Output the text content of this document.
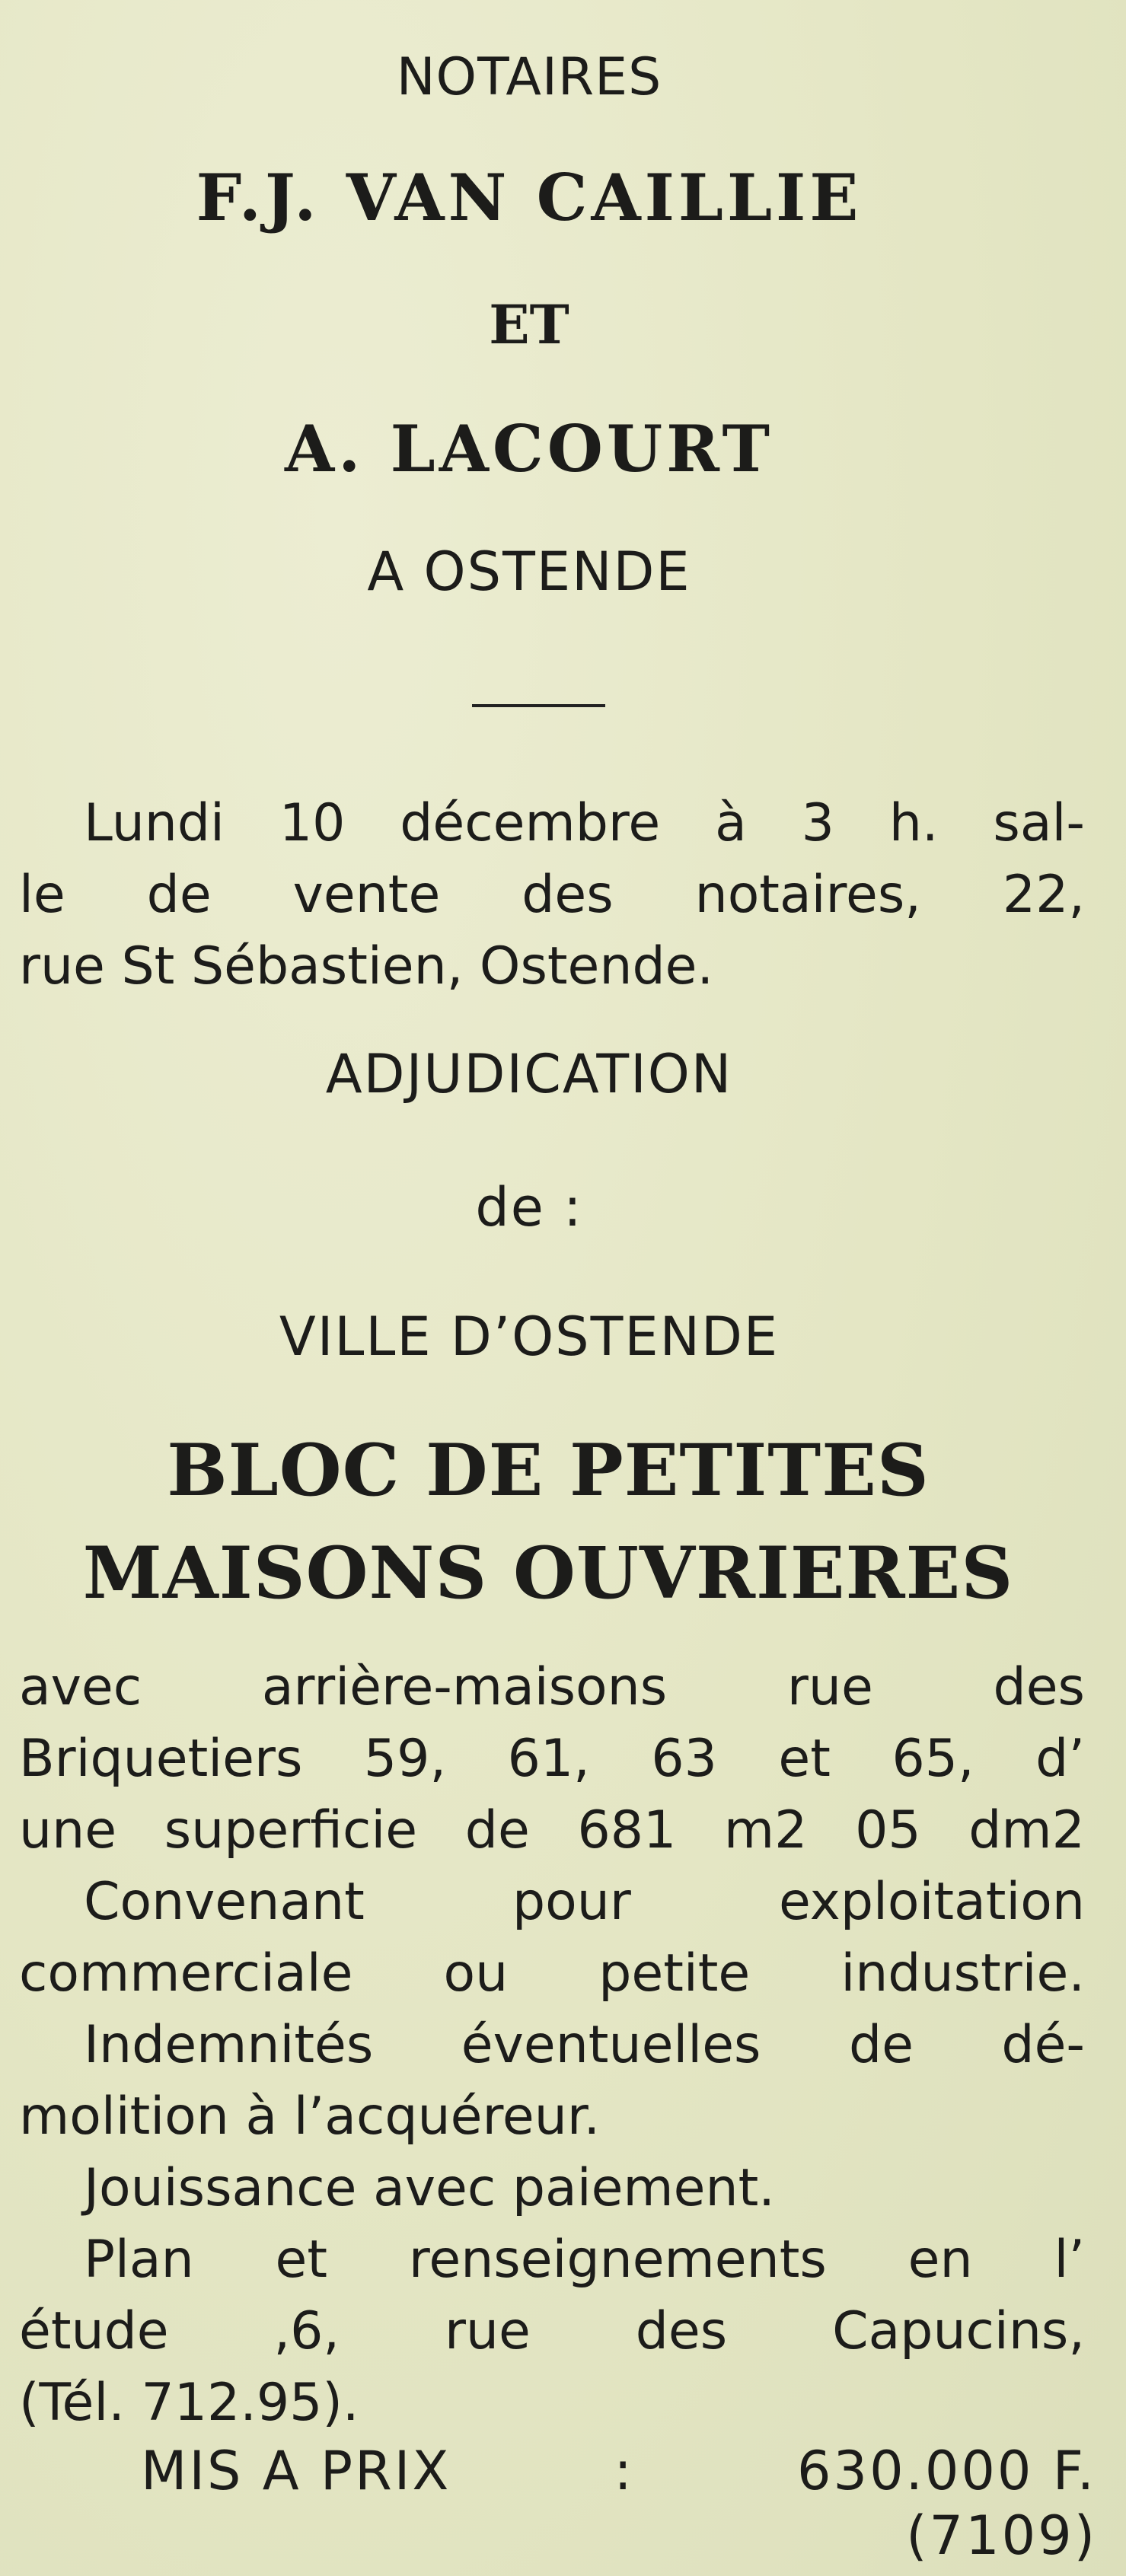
NOTAIRES
F.J. VAN CAILLIE
ET
A. LACOURT
A OSTENDE
Lundi 10 décembre à 3 h. sal-
le de vente des notaires, 22,
rue St Sébastien, Ostende.
ADJUDICATION
de :
VILLE D’OSTENDE
BLOC DE PETITES
MAISONS OUVRIERES
avec arrière-maisons rue des
Briquetiers 59, 61, 63 et 65, d’
une superficie de 681 m2 05 dm2
Convenant	pour	exploitation
commerciale ou petite industrie.
Indemnités éventuelles de dé-
molition à l’acquéreur.
Jouissance avec paiement.
Plan et renseignements en l’
étude ,6, rue des Capucins,
(Tél. 712.95).
MIS A PRIX	:	630.000 F.
(7109)
